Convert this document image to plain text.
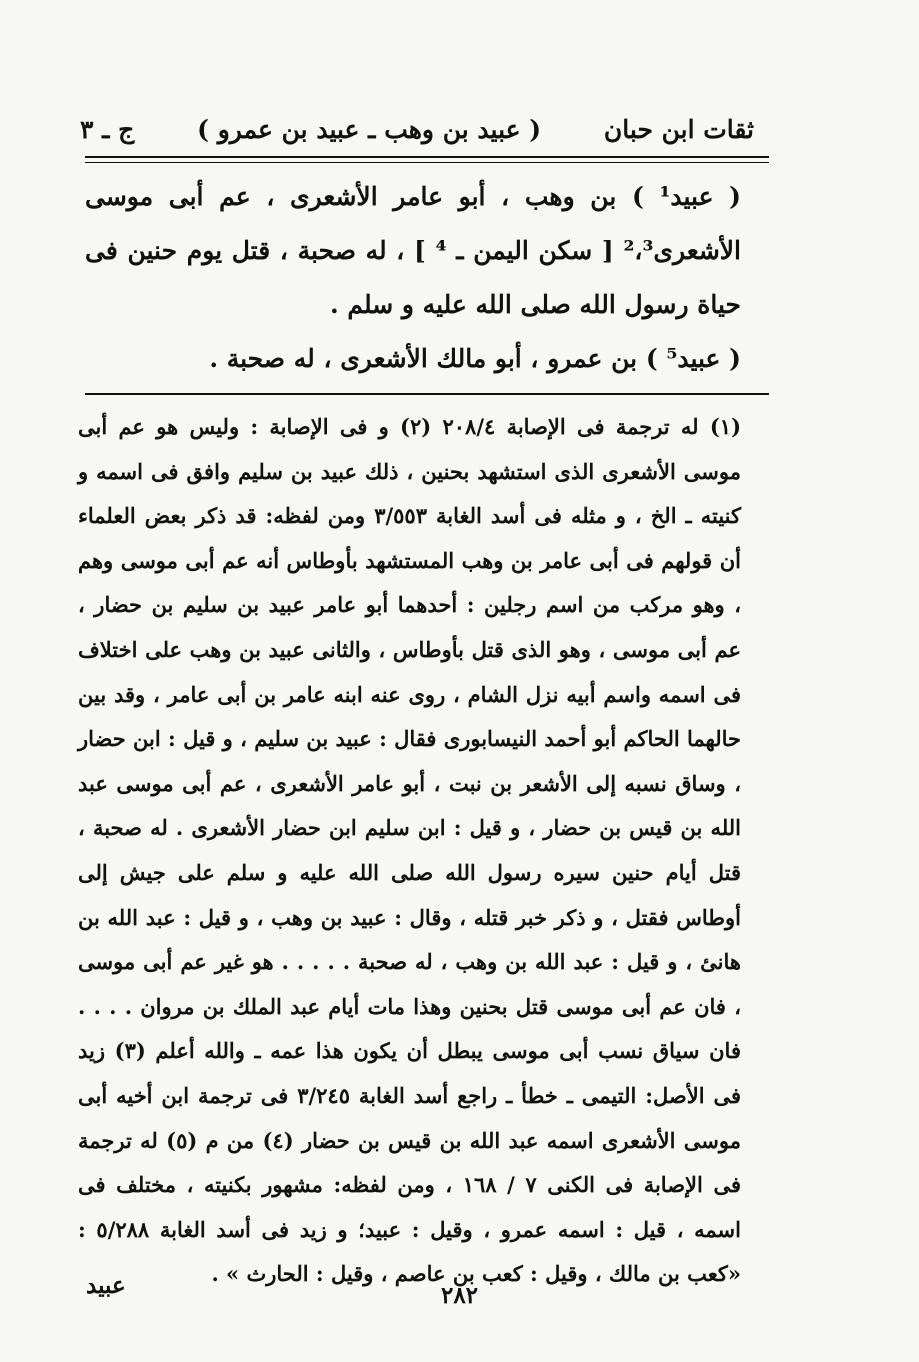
ثقات ابن حبان
( عبيد بن وهب ـ عبيد بن عمرو )
ج ـ ٣

( عبيد¹ ) بن وهب ، أبو عامر الأشعرى ، عم أبى موسى الأشعرى²،³ [ سكن اليمن ـ ⁴ ] ، له صحبة ، قتل يوم حنين فى حياة رسول الله صلى الله عليه و سلم .

( عبيد⁵ ) بن عمرو ، أبو مالك الأشعرى ، له صحبة .

(١) له ترجمة فى الإصابة ٢٠٨/٤ (٢) و فى الإصابة : وليس هو عم أبى موسى الأشعرى الذى استشهد بحنين ، ذلك عبيد بن سليم وافق فى اسمه و كنيته ـ الخ ، و مثله فى أسد الغابة ٣/٥٥٣ ومن لفظه: قد ذكر بعض العلماء أن قولهم فى أبى عامر بن وهب المستشهد بأوطاس أنه عم أبى موسى وهم ، وهو مركب من اسم رجلين : أحدهما أبو عامر عبيد بن سليم بن حضار ، عم أبى موسى ، وهو الذى قتل بأوطاس ، والثانى عبيد بن وهب على اختلاف فى اسمه واسم أبيه نزل الشام ، روى عنه ابنه عامر بن أبى عامر ، وقد بين حالهما الحاكم أبو أحمد النيسابورى فقال : عبيد بن سليم ، و قيل : ابن حضار ، وساق نسبه إلى الأشعر بن نبت ، أبو عامر الأشعرى ، عم أبى موسى عبد الله بن قيس بن حضار ، و قيل : ابن سليم ابن حضار الأشعرى . له صحبة ، قتل أيام حنين سيره رسول الله صلى الله عليه و سلم على جيش إلى أوطاس فقتل ، و ذكر خبر قتله ، وقال : عبيد بن وهب ، و قيل : عبد الله بن هانئ ، و قيل : عبد الله بن وهب ، له صحبة . . . . . هو غير عم أبى موسى ، فان عم أبى موسى قتل بحنين وهذا مات أيام عبد الملك بن مروان . . . . فان سياق نسب أبى موسى يبطل أن يكون هذا عمه ـ والله أعلم (٣) زيد فى الأصل: التيمى ـ خطأ ـ راجع أسد الغابة ٣/٢٤٥ فى ترجمة ابن أخيه أبى موسى الأشعرى اسمه عبد الله بن قيس بن حضار (٤) من م (٥) له ترجمة فى الإصابة فى الكنى ٧ / ١٦٨ ، ومن لفظه: مشهور بكنيته ، مختلف فى اسمه ، قيل : اسمه عمرو ، وقيل : عبيد؛ و زيد فى أسد الغابة ٥/٢٨٨ : «كعب بن مالك ، وقيل : كعب بن عاصم ، وقيل : الحارث » .

عبيد	٢٨٢
